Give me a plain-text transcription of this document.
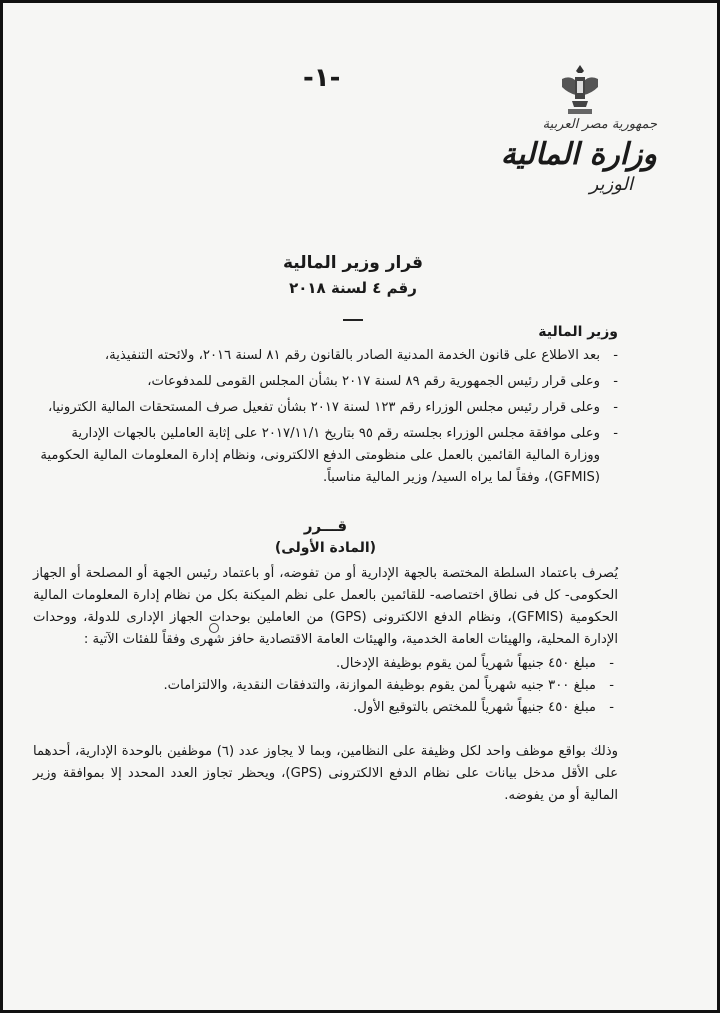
-١-
جمهورية مصر العربية
وزارة المالية
الوزير
قرار وزير المالية
رقم ٤ لسنة ٢٠١٨
وزير المالية
- بعد الاطلاع على قانون الخدمة المدنية الصادر بالقانون رقم ٨١ لسنة ٢٠١٦، ولائحته التنفيذية،
- وعلى قرار رئيس الجمهورية رقم ٨٩ لسنة ٢٠١٧ بشأن المجلس القومى للمدفوعات،
- وعلى قرار رئيس مجلس الوزراء رقم ١٢٣ لسنة ٢٠١٧ بشأن تفعيل صرف المستحقات المالية الكترونيا،
- وعلى موافقة مجلس الوزراء بجلسته رقم ٩٥ بتاريخ ٢٠١٧/١١/١ على إثابة العاملين بالجهات الإدارية ووزارة المالية القائمين بالعمل على منظومتى الدفع الالكترونى، ونظام إدارة المعلومات المالية الحكومية (GFMIS)، وفقاً لما يراه السيد/ وزير المالية مناسباً.
قـــرر
(المادة الأولى)
يُصرف باعتماد السلطة المختصة بالجهة الإدارية أو من تفوضه، أو باعتماد رئيس الجهة أو المصلحة أو الجهاز الحكومى- كل فى نطاق اختصاصه- للقائمين بالعمل على نظم الميكنة بكل من نظام إدارة المعلومات المالية الحكومية (GFMIS)، ونظام الدفع الالكترونى (GPS) من العاملين بوحدات الجهاز الإدارى للدولة، ووحدات الإدارة المحلية، والهيئات العامة الخدمية، والهيئات العامة الاقتصادية حافز شهرى وفقاً للفئات الآتية :
- مبلغ ٤٥٠ جنيهاً شهرياً لمن يقوم بوظيفة الإدخال.
- مبلغ ٣٠٠ جنيه شهرياً لمن يقوم بوظيفة الموازنة، والتدفقات النقدية، والالتزامات.
- مبلغ ٤٥٠ جنيهاً شهرياً للمختص بالتوقيع الأول.
وذلك بواقع موظف واحد لكل وظيفة على النظامين، وبما لا يجاوز عدد (٦) موظفين بالوحدة الإدارية، أحدهما على الأقل مدخل بيانات على نظام الدفع الالكترونى (GPS)، ويحظر تجاوز العدد المحدد إلا بموافقة وزير المالية أو من يفوضه.
